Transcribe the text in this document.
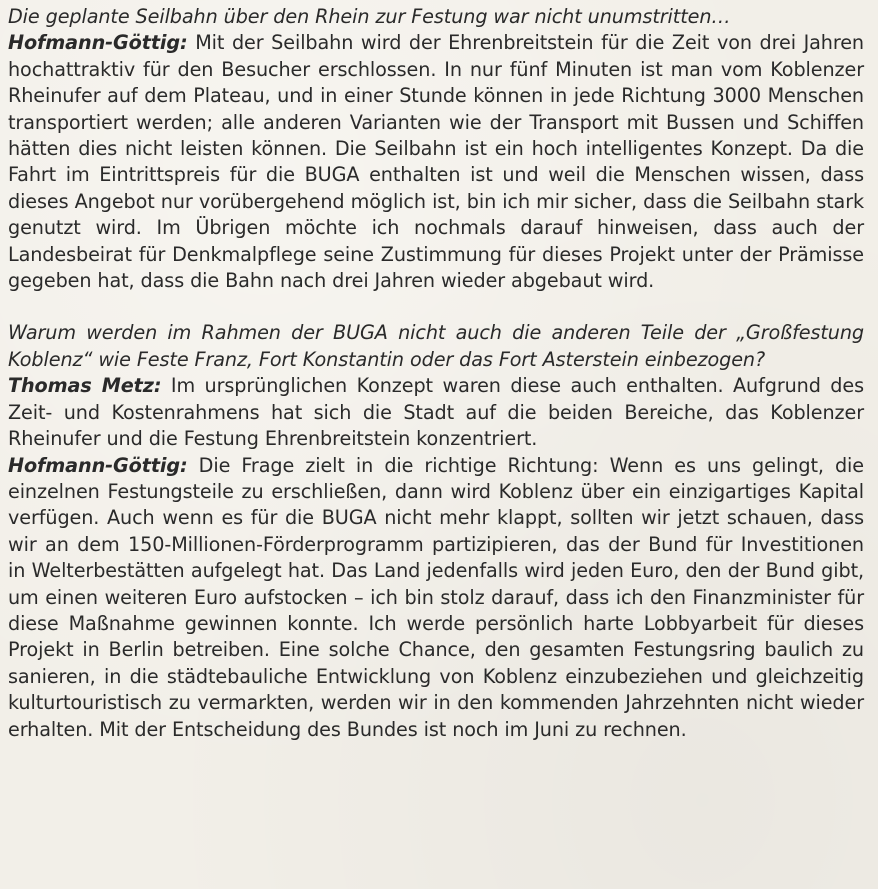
Die geplante Seilbahn über den Rhein zur Festung war nicht unumstritten…

Hofmann-Göttig: Mit der Seilbahn wird der Ehrenbreitstein für die Zeit von drei Jahren hochattraktiv für den Besucher erschlossen. In nur fünf Minuten ist man vom Koblenzer Rheinufer auf dem Plateau, und in einer Stunde können in jede Richtung 3000 Menschen transportiert werden; alle anderen Varianten wie der Transport mit Bussen und Schiffen hätten dies nicht leisten können. Die Seilbahn ist ein hoch intelligentes Konzept. Da die Fahrt im Eintrittspreis für die BUGA enthalten ist und weil die Menschen wissen, dass dieses Angebot nur vorübergehend möglich ist, bin ich mir sicher, dass die Seilbahn stark genutzt wird. Im Übrigen möchte ich nochmals darauf hinweisen, dass auch der Landesbeirat für Denkmalpflege seine Zustimmung für dieses Projekt unter der Prämisse gegeben hat, dass die Bahn nach drei Jahren wieder abgebaut wird.

Warum werden im Rahmen der BUGA nicht auch die anderen Teile der „Großfestung Koblenz“ wie Feste Franz, Fort Konstantin oder das Fort Asterstein einbezogen?

Thomas Metz: Im ursprünglichen Konzept waren diese auch enthalten. Aufgrund des Zeit- und Kostenrahmens hat sich die Stadt auf die beiden Bereiche, das Koblenzer Rheinufer und die Festung Ehrenbreitstein konzentriert.

Hofmann-Göttig: Die Frage zielt in die richtige Richtung: Wenn es uns gelingt, die einzelnen Festungsteile zu erschließen, dann wird Koblenz über ein einzigartiges Kapital verfügen. Auch wenn es für die BUGA nicht mehr klappt, sollten wir jetzt schauen, dass wir an dem 150-Millionen-Förderprogramm partizipieren, das der Bund für Investitionen in Welterbestätten aufgelegt hat. Das Land jedenfalls wird jeden Euro, den der Bund gibt, um einen weiteren Euro aufstocken – ich bin stolz darauf, dass ich den Finanzminister für diese Maßnahme gewinnen konnte. Ich werde persönlich harte Lobbyarbeit für dieses Projekt in Berlin betreiben. Eine solche Chance, den gesamten Festungsring baulich zu sanieren, in die städtebauliche Entwicklung von Koblenz einzubeziehen und gleichzeitig kulturtouristisch zu vermarkten, werden wir in den kommenden Jahrzehnten nicht wieder erhalten. Mit der Entscheidung des Bundes ist noch im Juni zu rechnen.
